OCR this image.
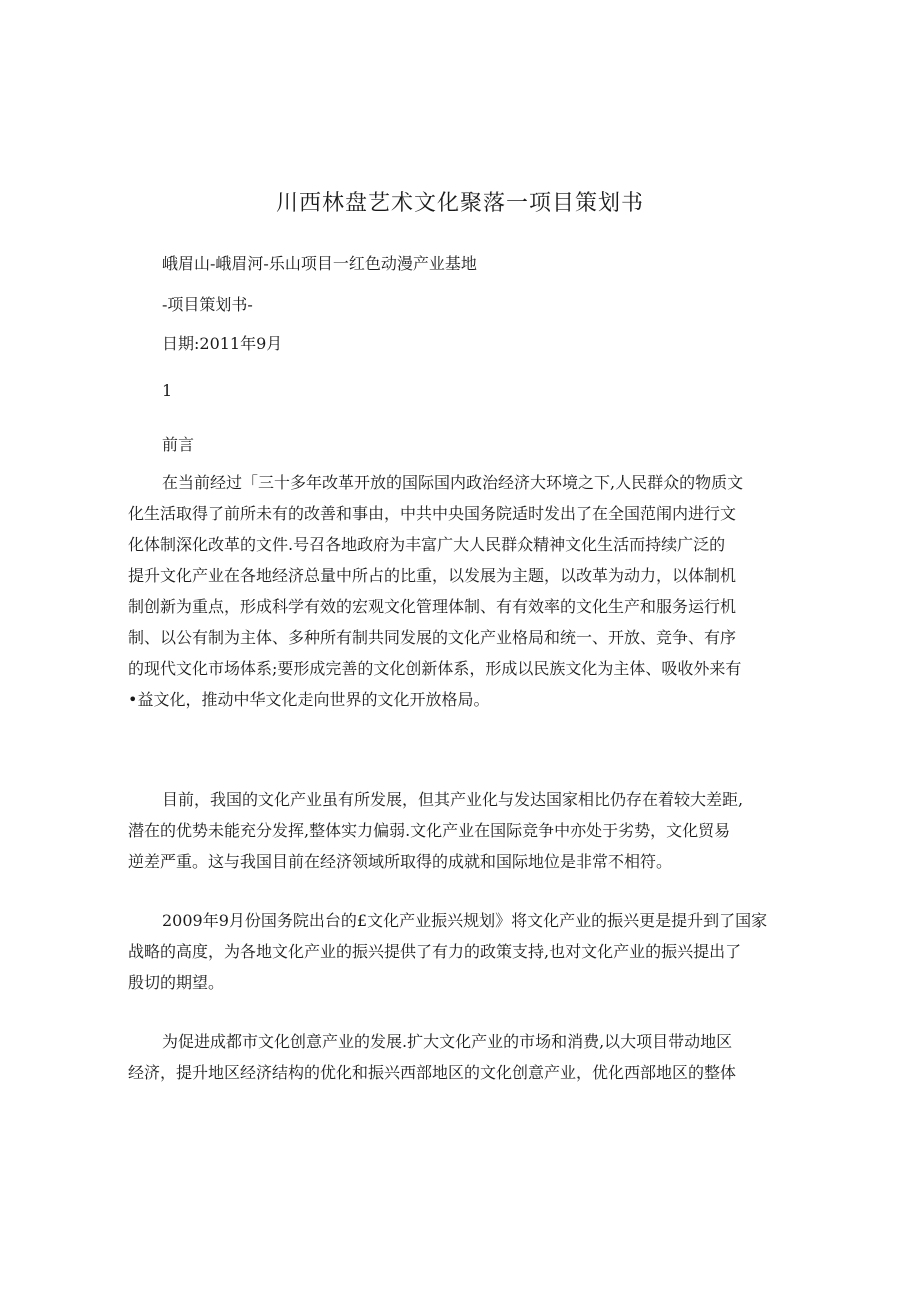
川西林盘艺术文化聚落一项目策划书
峨眉山-峨眉河-乐山项目一红色动漫产业基地
-项目策划书-
日期:2011年9月
1
前言
在当前经过「三十多年改革开放的国际国内政治经济大环境之下,人民群众的物质文
化生活取得了前所未有的改善和事由，中共中央国务院适时发出了在全国范闱内进行文
化体制深化改革的文件.号召各地政府为丰富广大人民群众精神文化生活而持续广泛的
提升文化产业在各地经济总量中所占的比重，以发展为主题，以改革为动力，以体制机
制创新为重点，形成科学有效的宏观文化管理体制、有有效率的文化生产和服务运行机
制、以公有制为主体、多种所有制共同发展的文化产业格局和统一、开放、竞争、有序
的现代文化市场体系;要形成完善的文化创新体系，形成以民族文化为主体、吸收外来有
•益文化，推动中华文化走向世界的文化开放格局。
目前，我国的文化产业虽有所发展，但其产业化与发达国家相比仍存在着较大差距,
潜在的优势未能充分发挥,整体实力偏弱.文化产业在国际竞争中亦处于劣势，文化贸易
逆差严重。这与我国目前在经济领域所取得的成就和国际地位是非常不相符。
2009年9月份国务院出台的£文化产业振兴规划》将文化产业的振兴更是提升到了国家
战略的高度，为各地文化产业的振兴提供了有力的政策支持,也对文化产业的振兴提出了
殷切的期望。
为促进成都市文化创意产业的发展.扩大文化产业的市场和消费,以大项目带动地区
经济，提升地区经济结构的优化和振兴西部地区的文化创意产业，优化西部地区的整体
